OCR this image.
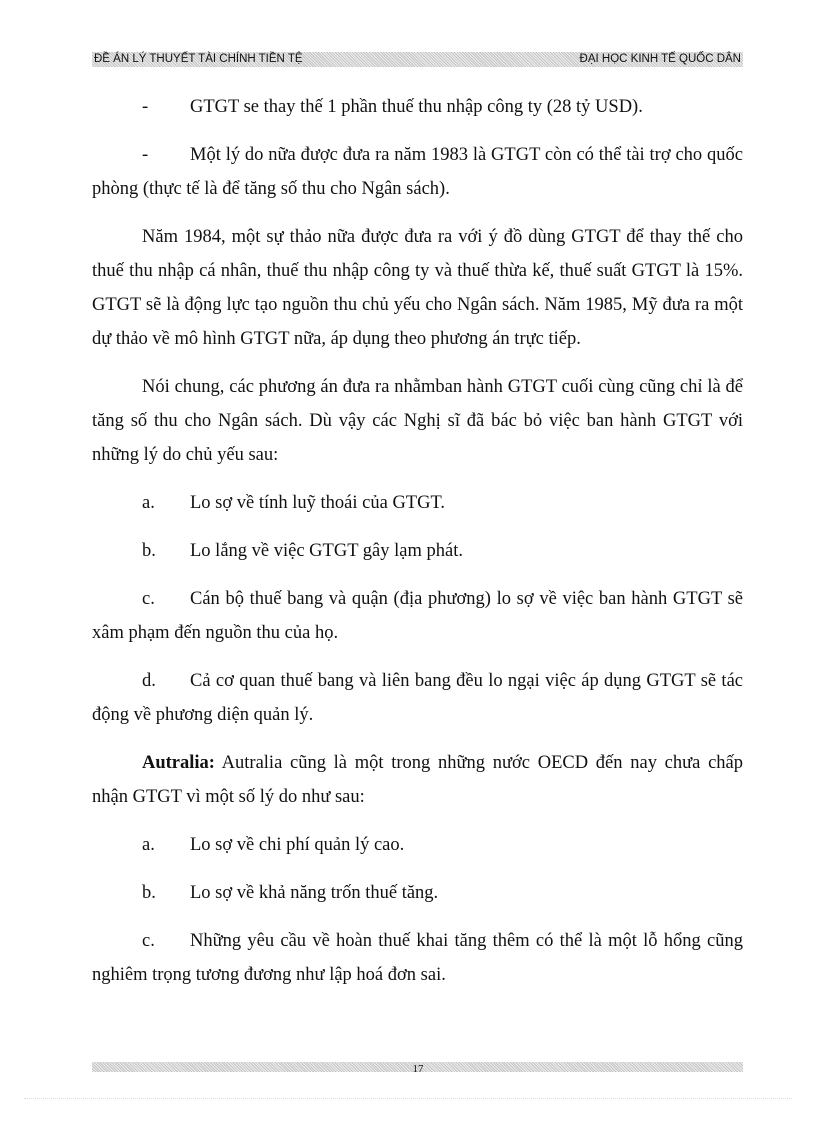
ĐỀ ÁN LÝ THUYẾT TÀI CHÍNH TIỀN TỆ	ĐẠI HỌC KINH TẾ QUỐC DÂN
- GTGT se thay thế 1 phần thuế thu nhập công ty (28 tỷ USD).
- Một lý do nữa được đưa ra năm 1983 là GTGT còn có thể tài trợ cho quốc phòng (thực tế là để tăng số thu cho Ngân sách).

Năm 1984, một sự thảo nữa được đưa ra với ý đồ dùng GTGT để thay thế cho thuế thu nhập cá nhân, thuế thu nhập công ty và thuế thừa kế, thuế suất GTGT là 15%. GTGT sẽ là động lực tạo nguồn thu chủ yếu cho Ngân sách. Năm 1985, Mỹ đưa ra một dự thảo về mô hình GTGT nữa, áp dụng theo phương án trực tiếp.

Nói chung, các phương án đưa ra nhằmban hành GTGT cuối cùng cũng chỉ là để tăng số thu cho Ngân sách. Dù vậy các Nghị sĩ đã bác bỏ việc ban hành GTGT với những lý do chủ yếu sau:

a. Lo sợ về tính luỹ thoái của GTGT.
b. Lo lắng về việc GTGT gây lạm phát.
c. Cán bộ thuế bang và quận (địa phương) lo sợ về việc ban hành GTGT sẽ xâm phạm đến nguồn thu của họ.
d. Cả cơ quan thuế bang và liên bang đều lo ngại việc áp dụng GTGT sẽ tác động về phương diện quản lý.

Autralia: Autralia cũng là một trong những nước OECD đến nay chưa chấp nhận GTGT vì một số lý do như sau:

a. Lo sợ về chi phí quản lý cao.
b. Lo sợ về khả năng trốn thuế tăng.
c. Những yêu cầu về hoàn thuế khai tăng thêm có thể là một lỗ hổng cũng nghiêm trọng tương đương như lập hoá đơn sai.
17
